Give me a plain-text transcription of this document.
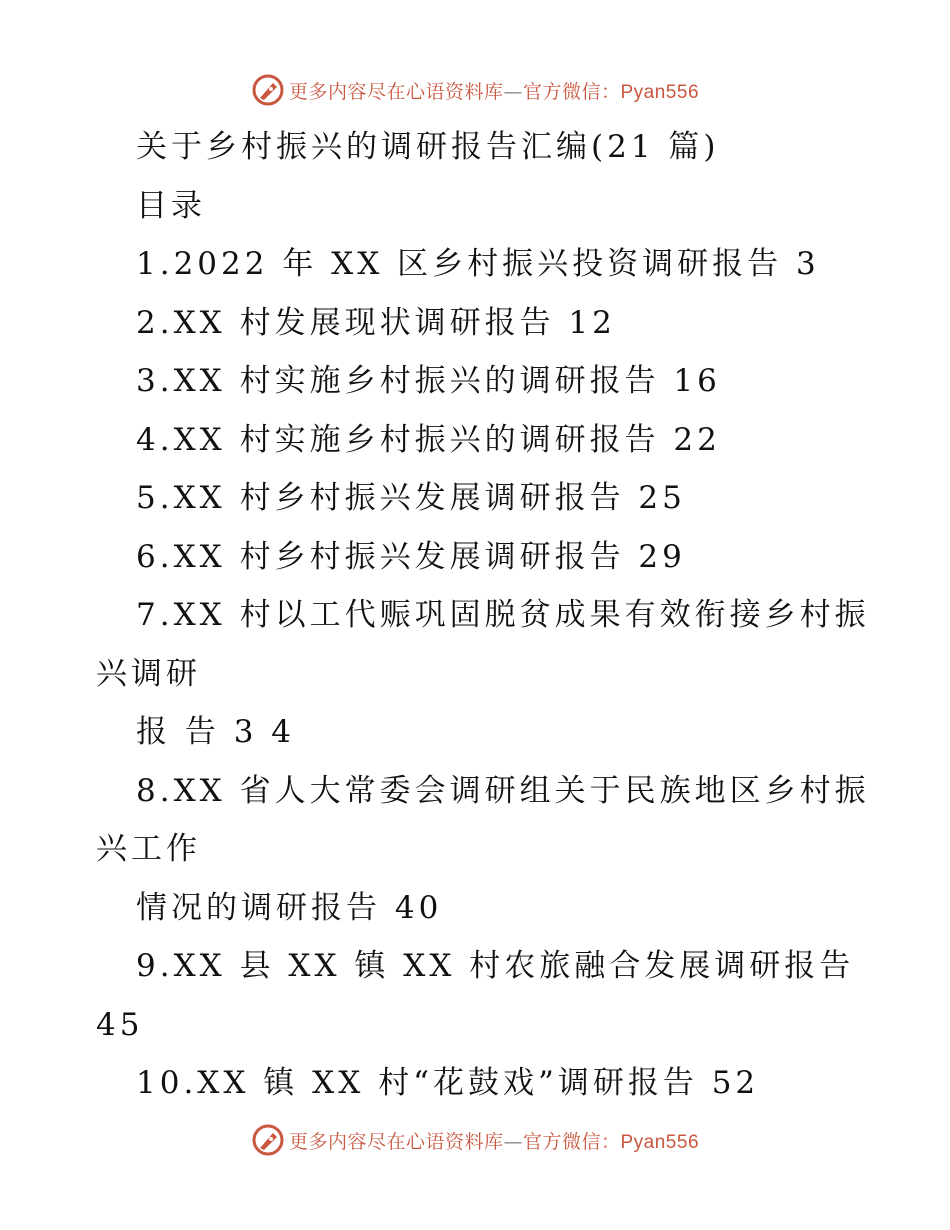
更多内容尽在心语资料库—官方微信：Pyan556
关于乡村振兴的调研报告汇编(21 篇)
目录
1.2022 年 XX 区乡村振兴投资调研报告 3
2.XX 村发展现状调研报告 12
3.XX 村实施乡村振兴的调研报告 16
4.XX 村实施乡村振兴的调研报告 22
5.XX 村乡村振兴发展调研报告 25
6.XX 村乡村振兴发展调研报告 29
7.XX 村以工代赈巩固脱贫成果有效衔接乡村振
兴调研
报 告 3 4
8.XX 省人大常委会调研组关于民族地区乡村振
兴工作
情况的调研报告 40
9.XX 县 XX 镇 XX 村农旅融合发展调研报告
45
10.XX 镇 XX 村“花鼓戏”调研报告 52
更多内容尽在心语资料库—官方微信：Pyan556
